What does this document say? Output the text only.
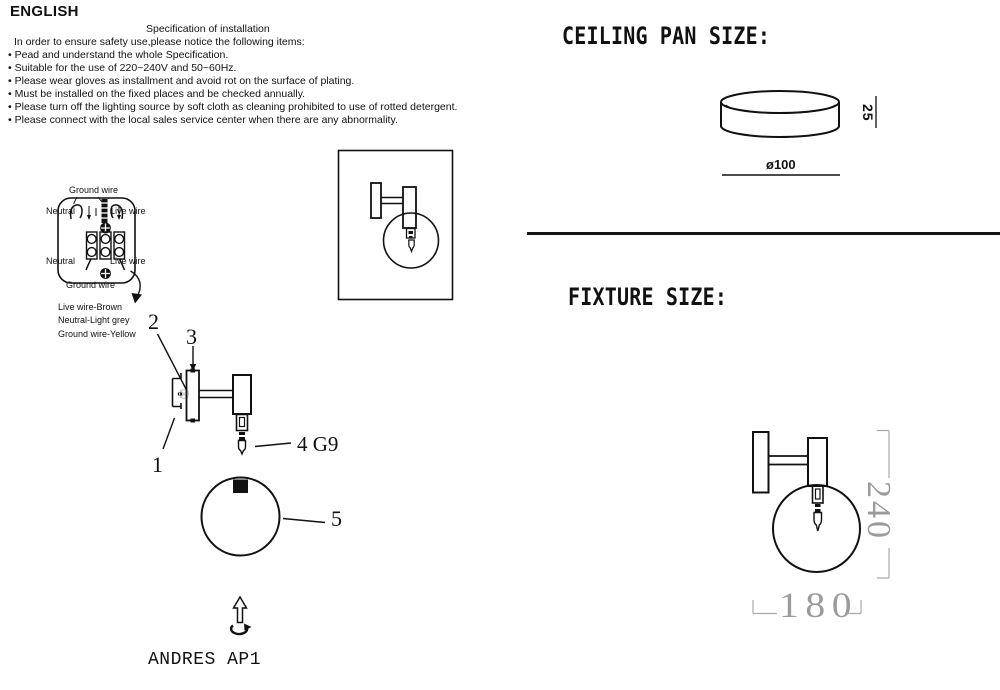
ENGLISH
Specification of installation
In order to ensure safety use,please notice the following items:
• Pead and understand the whole Specification.
• Suitable for the use of 220~240V and 50~60Hz.
• Please wear gloves as installment and avoid rot on the surface of plating.
• Must be installed on the fixed places and be checked annually.
• Please turn off the lighting source by soft cloth as cleaning prohibited to use of rotted detergent.
• Please connect with the local sales service center when there are any abnormality.
Ground wire
Neutral	Live wire
Neutral	Live wire
Ground wire
Live wire-Brown
Neutral-Light grey
Ground wire-Yellow 2
3
1
4 G9
5
ANDRES AP1
CEILING PAN SIZE:
25
ø100
FIXTURE SIZE:
240
180
